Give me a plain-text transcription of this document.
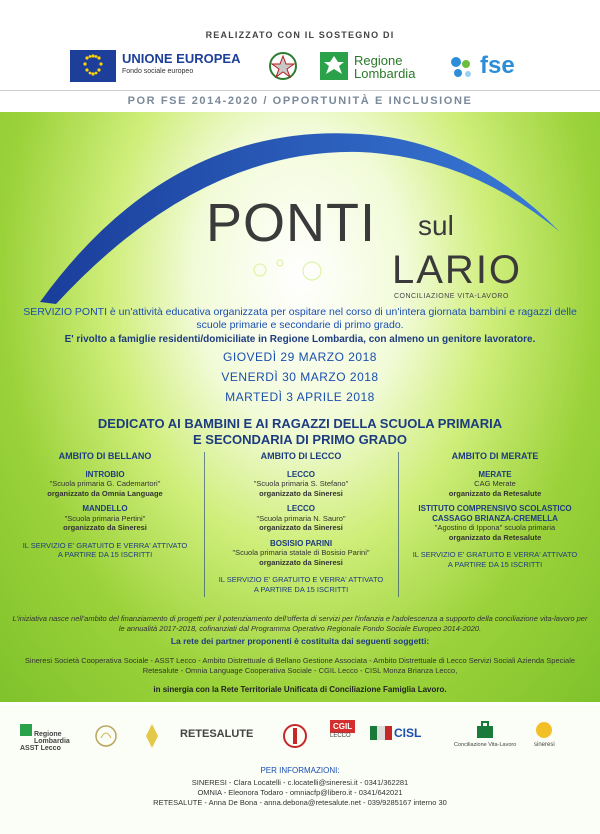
REALIZZATO CON IL SOSTEGNO DI
UNIONE EUROPEA
Fondo sociale europeo
Regione
Lombardia	fse
POR FSE 2014-2020 / OPPORTUNITÀ E INCLUSIONE
PONTI sul
LARIO
CONCILIAZIONE VITA-LAVORO
SERVIZIO PONTI è un'attività educativa organizzata per ospitare nel corso di un'intera giornata bambini e ragazzi delle scuole primarie e secondarie di primo grado.
E' rivolto a famiglie residenti/domiciliate in Regione Lombardia, con almeno un genitore lavoratore.
GIOVEDÌ 29 MARZO 2018
VENERDÌ 30 MARZO 2018
MARTEDÌ 3 APRILE 2018
DEDICATO AI BAMBINI E AI RAGAZZI DELLA SCUOLA PRIMARIA
E SECONDARIA DI PRIMO GRADO
AMBITO DI BELLANO
INTROBIO
"Scuola primaria G. Cademartori"
organizzato da Omnia Language
MANDELLO
"Scuola primaria Pertini"
organizzato da Sineresi
IL SERVIZIO E' GRATUITO E VERRA' ATTIVATO
A PARTIRE DA 15 ISCRITTI
AMBITO DI LECCO
LECCO
"Scuola primaria S. Stefano"
organizzato da Sineresi
LECCO
"Scuola primaria N. Sauro"
organizzato da Sineresi
BOSISIO PARINI
"Scuola primaria statale di Bosisio Parini"
organizzato da Sineresi
IL SERVIZIO E' GRATUITO E VERRA' ATTIVATO
A PARTIRE DA 15 ISCRITTI
AMBITO DI MERATE
MERATE
CAG Merate
organizzato da Retesalute
ISTITUTO COMPRENSIVO SCOLASTICO
CASSAGO BRIANZA-CREMELLA
"Agostino di Ippona" scuola primaria
organizzato da Retesalute
IL SERVIZIO E' GRATUITO E VERRA' ATTIVATO
A PARTIRE DA 15 ISCRITTI
L'iniziativa nasce nell'ambito del finanziamento di progetti per il potenziamento dell'offerta di servizi per l'infanzia e l'adolescenza a supporto della conciliazione vita-lavoro per le annualità 2017-2018, cofinanziati dal Programma Operativo Regionale Fondo Sociale Europeo 2014-2020.
La rete dei partner proponenti è costituita dai seguenti soggetti:
Sineresi Società Cooperativa Sociale - ASST Lecco - Ambito Distrettuale di Bellano Gestione Associata - Ambito Distrettuale di Lecco Servizi Sociali Azienda Speciale Retesalute - Omnia Language Cooperativa Sociale - CGIL Lecco - CISL Monza Brianza Lecco,
in sinergia con la Rete Territoriale Unificata di Conciliazione Famiglia Lavoro.
Regione
Lombardia
ASST Lecco
RETESALUTE
CGIL
LECCO	CISL
Conciliazione Vita-Lavoro	sineresi
PER INFORMAZIONI:
SINERESI - Clara Locatelli - c.locatelli@sineresi.it - 0341/362281
OMNIA - Eleonora Todaro - omniacfp@libero.it - 0341/642021
RETESALUTE - Anna De Bona - anna.debona@retesalute.net - 039/9285167 interno 30
